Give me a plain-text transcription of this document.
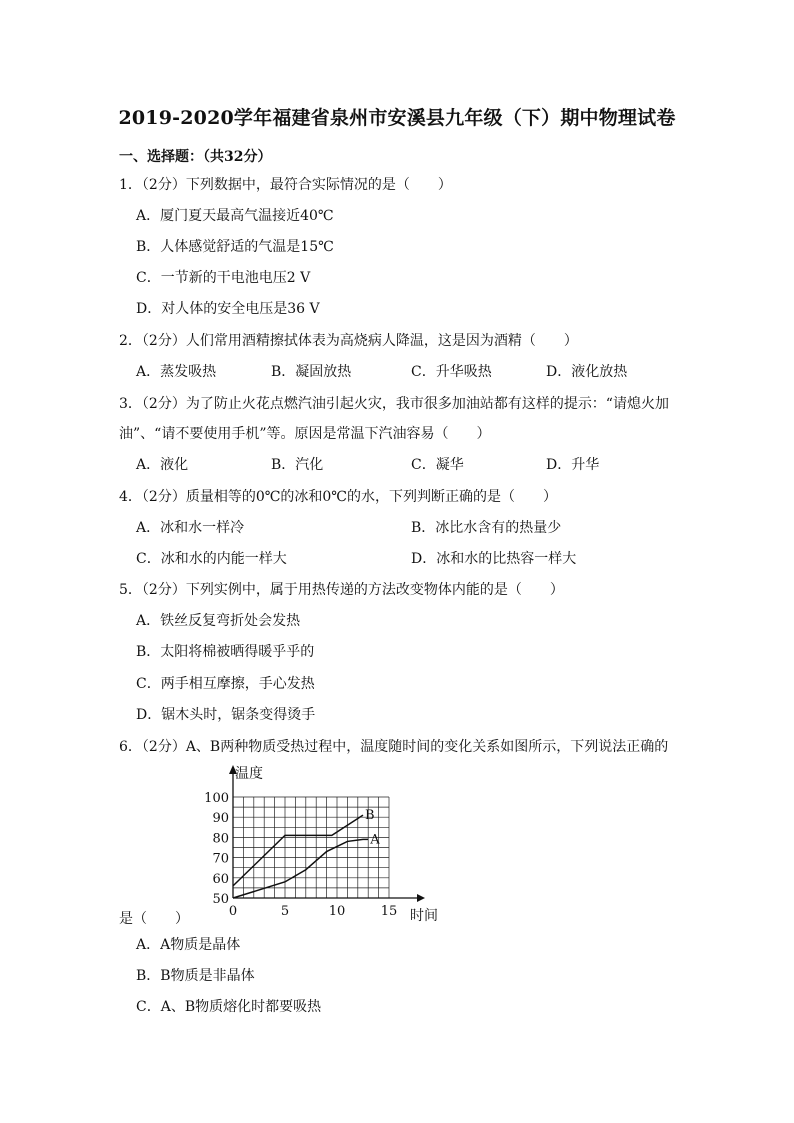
2019-2020学年福建省泉州市安溪县九年级（下）期中物理试卷
一、选择题：（共32分）
1．（2分）下列数据中，最符合实际情况的是（　　）
A．厦门夏天最高气温接近40℃
B．人体感觉舒适的气温是15℃
C．一节新的干电池电压2 V
D．对人体的安全电压是36 V
2．（2分）人们常用酒精擦拭体表为高烧病人降温，这是因为酒精（　　）
A．蒸发吸热	B．凝固放热	C．升华吸热	D．液化放热
3．（2分）为了防止火花点燃汽油引起火灾，我市很多加油站都有这样的提示：“请熄火加
油”、“请不要使用手机”等。原因是常温下汽油容易（　　）
A．液化	B．汽化	C．凝华	D．升华
4．（2分）质量相等的0℃的冰和0℃的水，下列判断正确的是（　　）
A．冰和水一样冷	B．冰比水含有的热量少
C．冰和水的内能一样大	D．冰和水的比热容一样大
5．（2分）下列实例中，属于用热传递的方法改变物体内能的是（　　）
A．铁丝反复弯折处会发热
B．太阳将棉被晒得暖乎乎的
C．两手相互摩擦，手心发热
D．锯木头时，锯条变得烫手
6．（2分）A、B两种物质受热过程中，温度随时间的变化关系如图所示，下列说法正确的
50
60
70
80
90
100
0	5	10	15
B
A
温度
时间
是（　　）
A．A物质是晶体
B．B物质是非晶体
C．A、B物质熔化时都要吸热
